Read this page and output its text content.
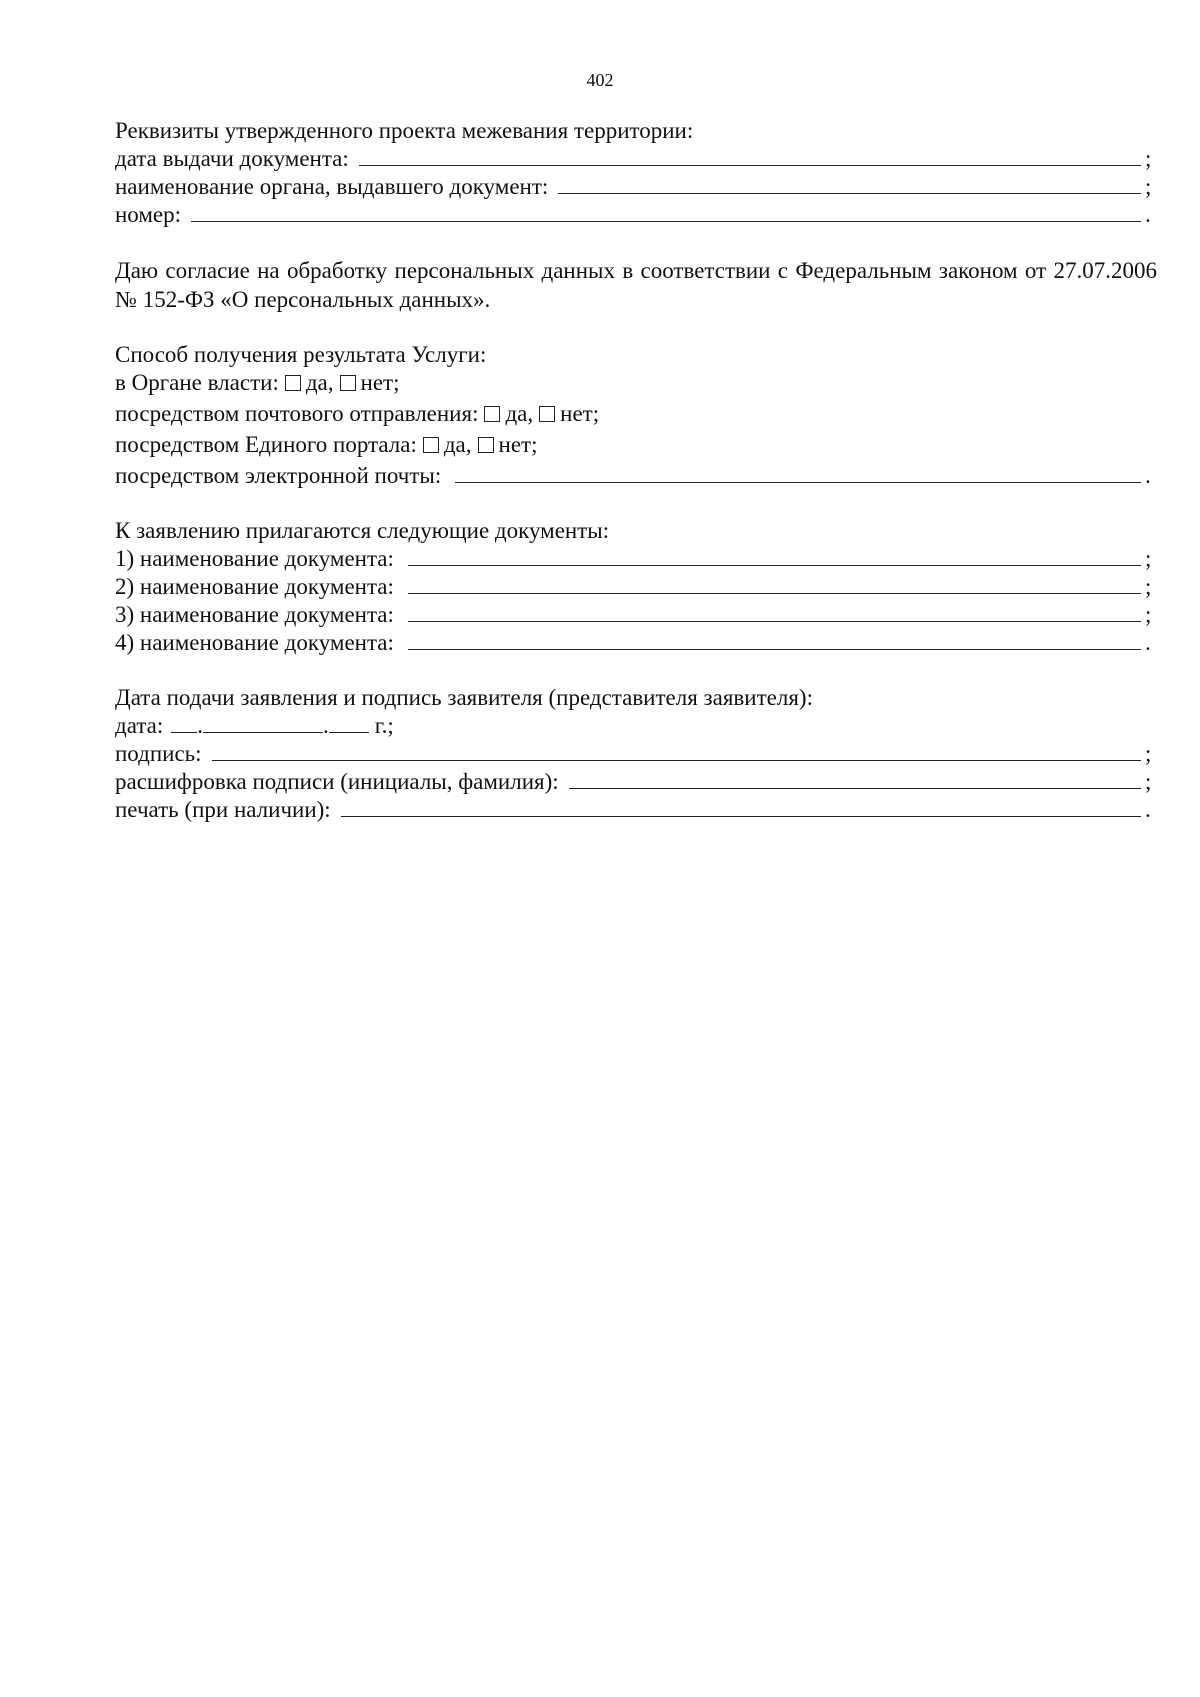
402
Реквизиты утвержденного проекта межевания территории:
дата выдачи документа:	;
наименование органа, выдавшего документ:	;
номер:	.
Даю согласие на обработку персональных данных в соответствии с Федеральным законом от 27.07.2006 № 152-ФЗ «О персональных данных».
Способ получения результата Услуги:
в Органе власти: да, нет;
посредством почтового отправления: да, нет;
посредством Единого портала: да, нет;
посредством электронной почты:	.
К заявлению прилагаются следующие документы:
1) наименование документа:	;
2) наименование документа:	;
3) наименование документа:	;
4) наименование документа:	.
Дата подачи заявления и подпись заявителя (представителя заявителя):
дата: .	. г.;
подпись:	;
расшифровка подписи (инициалы, фамилия):	;
печать (при наличии):	.
